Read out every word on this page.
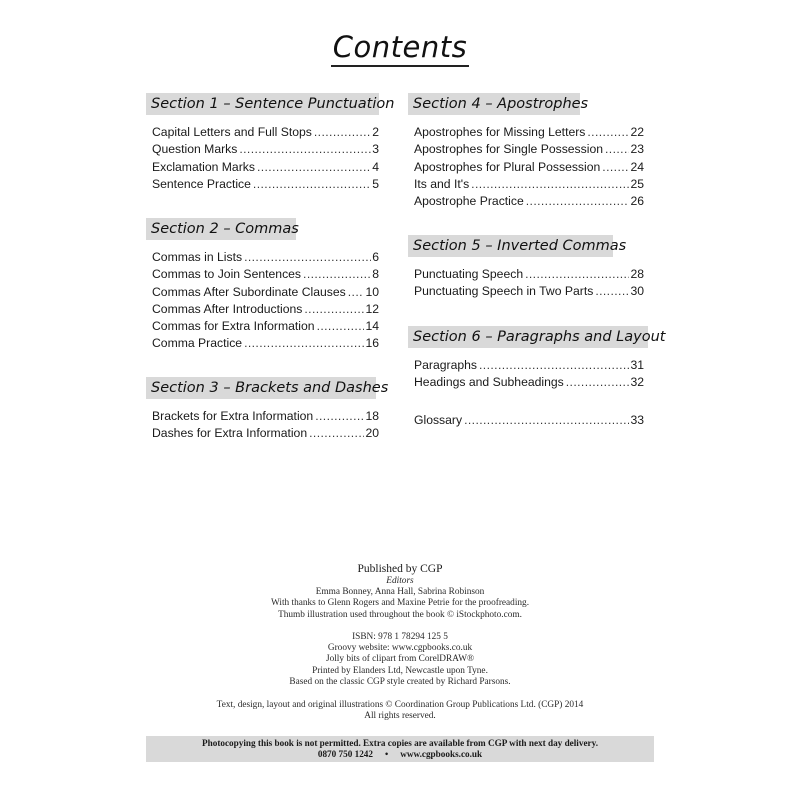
Contents
Section 1 – Sentence Punctuation
Capital Letters and Full Stops .....	2
Question Marks .....	3
Exclamation Marks .....	4
Sentence Practice .....	5
Section 2 – Commas
Commas in Lists .....	6
Commas to Join Sentences .....	8
Commas After Subordinate Clauses ..... 10
Commas After Introductions .....	12
Commas for Extra Information .....	14
Comma Practice .....	16
Section 3 – Brackets and Dashes
Brackets for Extra Information .....	18
Dashes for Extra Information .....	20
Section 4 – Apostrophes
Apostrophes for Missing Letters .....	22
Apostrophes for Single Possession ..... 23
Apostrophes for Plural Possession ..... 24
Its and It's .....	25
Apostrophe Practice .....	26
Section 5 – Inverted Commas
Punctuating Speech .....	28
Punctuating Speech in Two Parts .....	30
Section 6 – Paragraphs and Layout
Paragraphs .....	31
Headings and Subheadings .....	32
Glossary .....	33
Published by CGP
Editors
Emma Bonney, Anna Hall, Sabrina Robinson
With thanks to Glenn Rogers and Maxine Petrie for the proofreading.
Thumb illustration used throughout the book © iStockphoto.com.
ISBN: 978 1 78294 125 5
Groovy website: www.cgpbooks.co.uk
Jolly bits of clipart from CorelDRAW®
Printed by Elanders Ltd, Newcastle upon Tyne.
Based on the classic CGP style created by Richard Parsons.
Text, design, layout and original illustrations © Coordination Group Publications Ltd. (CGP) 2014
All rights reserved.
Photocopying this book is not permitted. Extra copies are available from CGP with next day delivery.
0870 750 1242 • www.cgpbooks.co.uk
